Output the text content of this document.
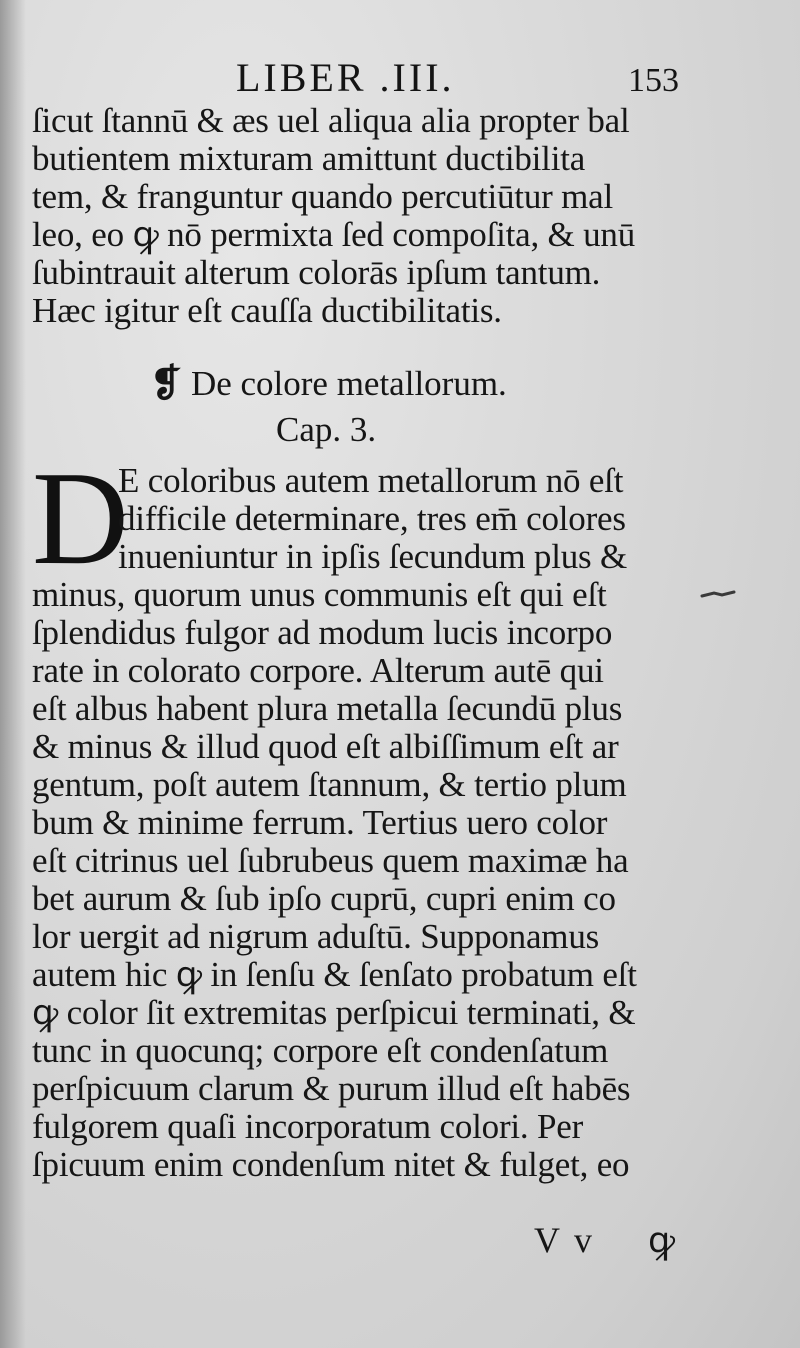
LIBER .III.	153
ſicut ſtannū & æs uel aliqua alia propter bal
butientem mixturam amittunt ductibilita
tem, & franguntur quando percutiūtur mal
leo, eo ꝙ nō permixta ſed compoſita, & unū
ſubintrauit alterum colorās ipſum tantum.
Hæc igitur eſt cauſſa ductibilitatis.
❡ De colore metallorum.
Cap. 3.
D
E coloribus autem metallorum nō eſt
difficile determinare, tres em̄ colores
inueniuntur in ipſis ſecundum plus &
minus, quorum unus communis eſt qui eſt
ſplendidus fulgor ad modum lucis incorpo
rate in colorato corpore. Alterum autē qui
eſt albus habent plura metalla ſecundū plus
& minus & illud quod eſt albiſſimum eſt ar
gentum, poſt autem ſtannum, & tertio plum
bum & minime ferrum. Tertius uero color
eſt citrinus uel ſubrubeus quem maximæ ha
bet aurum & ſub ipſo cuprū, cupri enim co
lor uergit ad nigrum aduſtū. Supponamus
autem hic ꝙ in ſenſu & ſenſato probatum eſt
ꝙ color ſit extremitas perſpicui terminati, &
tunc in quocunq; corpore eſt condenſatum
perſpicuum clarum & purum illud eſt habēs
fulgorem quaſi incorporatum colori. Per
ſpicuum enim condenſum nitet & fulget, eo
Vv ꝙ
